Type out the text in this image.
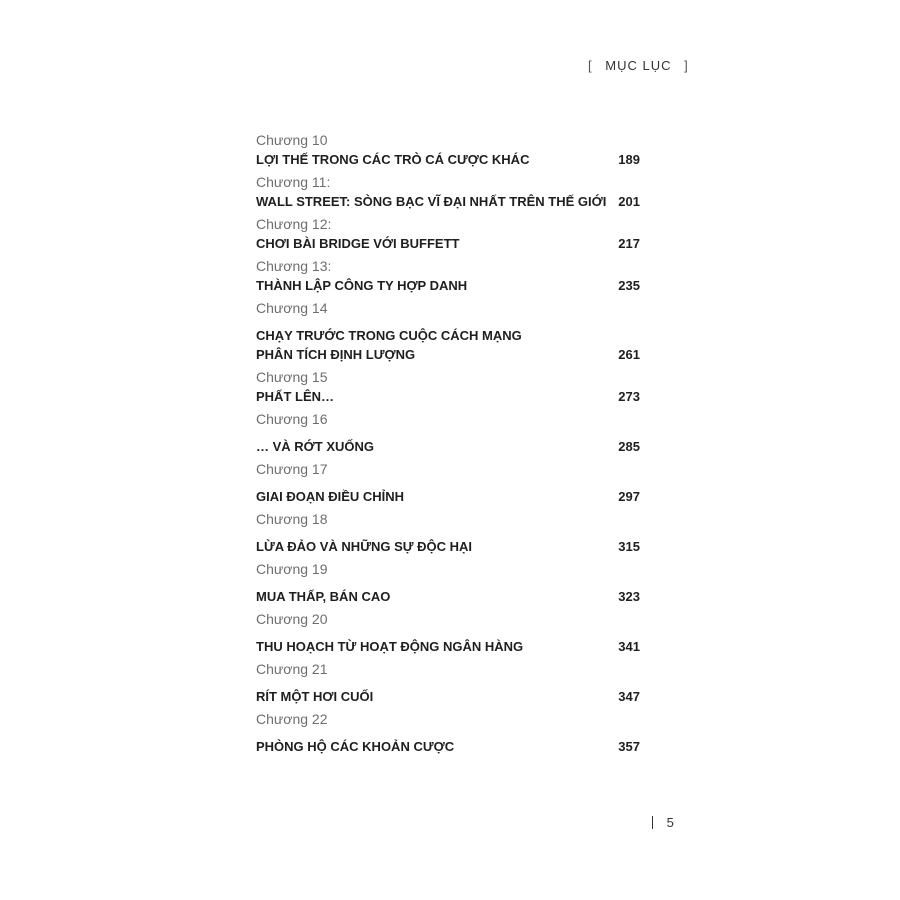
[ MỤC LỤC ]
Chương 10
LỢI THẾ TRONG CÁC TRÒ CÁ CƯỢC KHÁC	189
Chương 11:
WALL STREET: SÒNG BẠC VĨ ĐẠI NHẤT TRÊN THẾ GIỚI 201
Chương 12:
CHƠI BÀI BRIDGE VỚI BUFFETT	217
Chương 13:
THÀNH LẬP CÔNG TY HỢP DANH	235
Chương 14
CHẠY TRƯỚC TRONG CUỘC CÁCH MẠNG
PHÂN TÍCH ĐỊNH LƯỢNG	261
Chương 15
PHẤT LÊN…	273
Chương 16
… VÀ RỚT XUỐNG	285
Chương 17
GIAI ĐOẠN ĐIỀU CHỈNH	297
Chương 18
LỪA ĐẢO VÀ NHỮNG SỰ ĐỘC HẠI	315
Chương 19
MUA THẤP, BÁN CAO	323
Chương 20
THU HOẠCH TỪ HOẠT ĐỘNG NGÂN HÀNG	341
Chương 21
RÍT MỘT HƠI CUỐI	347
Chương 22
PHÒNG HỘ CÁC KHOẢN CƯỢC	357
5
